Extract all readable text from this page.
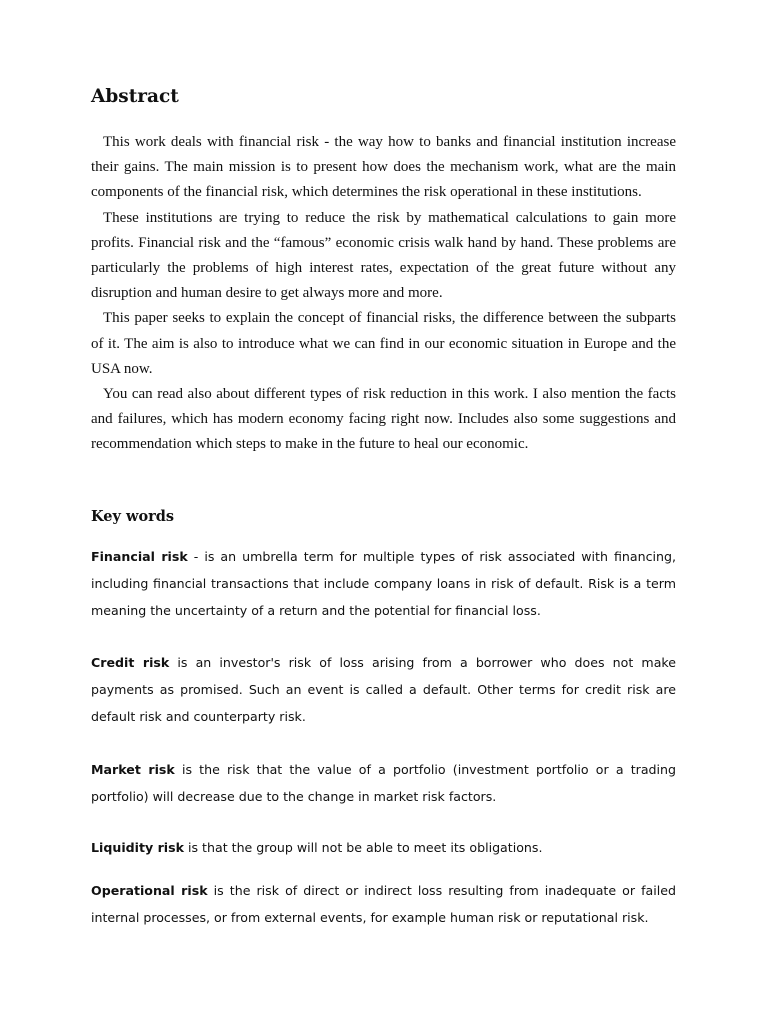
Abstract

This work deals with financial risk - the way how to banks and financial institution increase their gains. The main mission is to present how does the mechanism work, what are the main components of the financial risk, which determines the risk operational in these institutions.

These institutions are trying to reduce the risk by mathematical calculations to gain more profits. Financial risk and the “famous” economic crisis walk hand by hand. These problems are particularly the problems of high interest rates, expectation of the great future without any disruption and human desire to get always more and more.

This paper seeks to explain the concept of financial risks, the difference between the subparts of it. The aim is also to introduce what we can find in our economic situation in Europe and the USA now.

You can read also about different types of risk reduction in this work. I also mention the facts and failures, which has modern economy facing right now. Includes also some suggestions and recommendation which steps to make in the future to heal our economic.

Key words

Financial risk - is an umbrella term for multiple types of risk associated with financing, including financial transactions that include company loans in risk of default. Risk is a term meaning the uncertainty of a return and the potential for financial loss.

Credit risk is an investor's risk of loss arising from a borrower who does not make payments as promised. Such an event is called a default. Other terms for credit risk are default risk and counterparty risk.

Market risk is the risk that the value of a portfolio (investment portfolio or a trading portfolio) will decrease due to the change in market risk factors.

Liquidity risk is that the group will not be able to meet its obligations.

Operational risk is the risk of direct or indirect loss resulting from inadequate or failed internal processes, or from external events, for example human risk or reputational risk.
